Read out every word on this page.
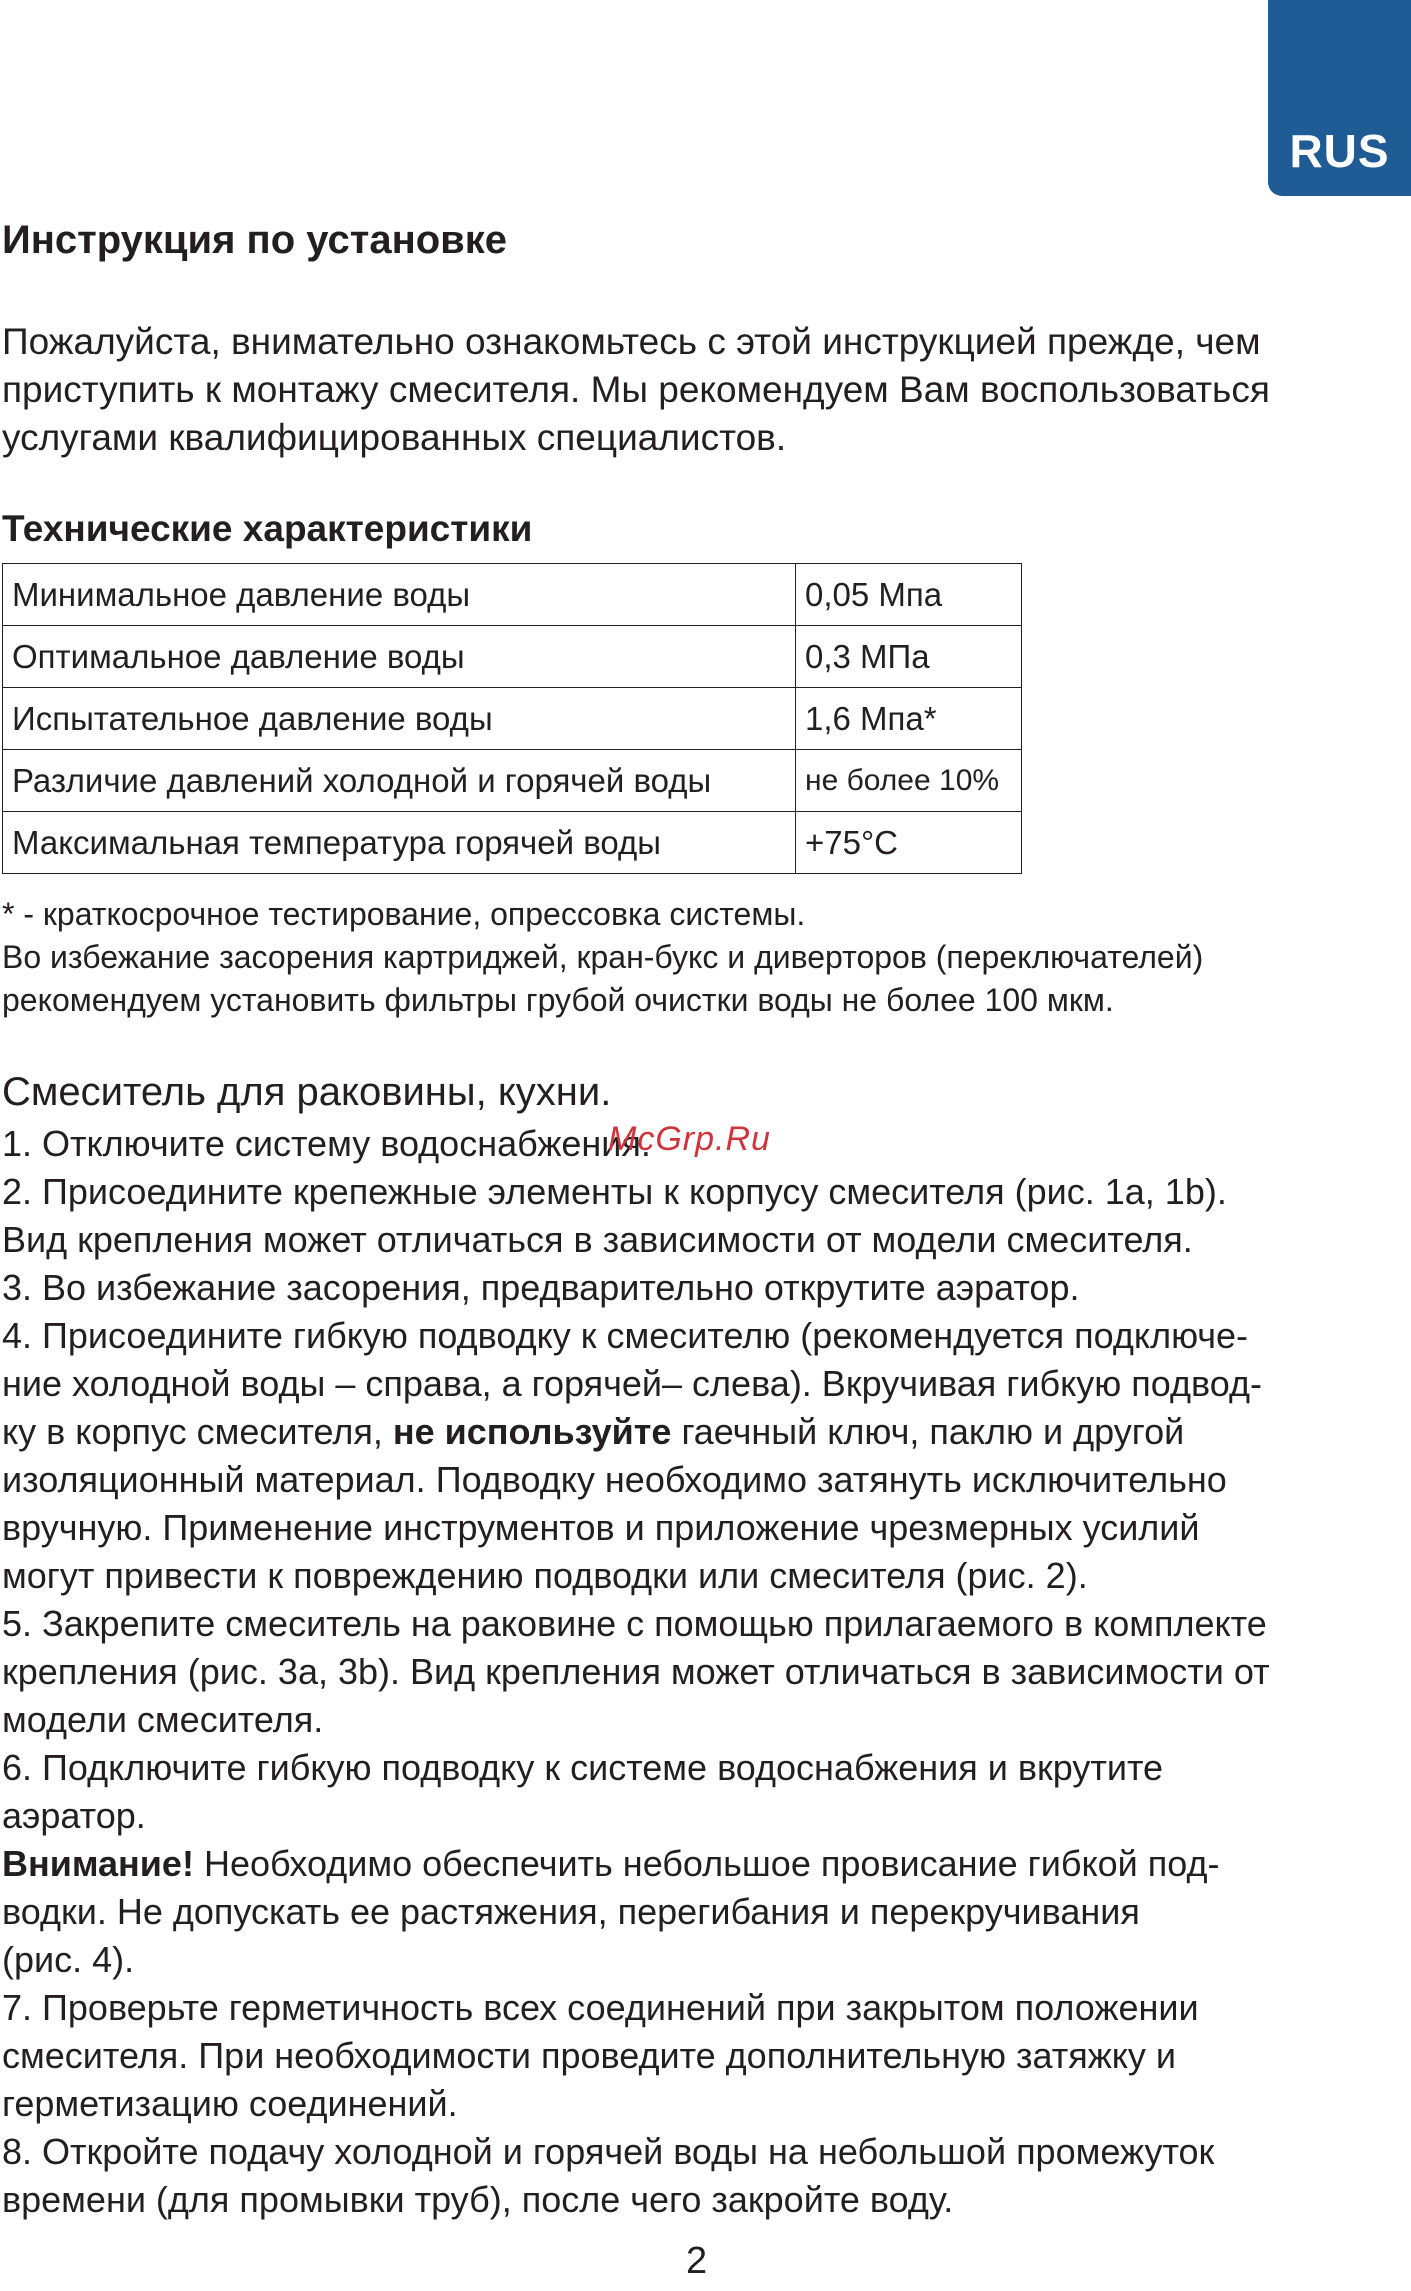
RUS
Инструкция по установке

Пожалуйста, внимательно ознакомьтесь с этой инструкцией прежде, чем
приступить к монтажу смесителя. Мы рекомендуем Вам воспользоваться
услугами квалифицированных специалистов.

Технические характеристики
Минимальное давление воды	0,05 Мпа
Оптимальное давление воды	0,3 МПа
Испытательное давление воды	1,6 Мпа*
Различие давлений холодной и горячей воды	не более 10%
Максимальная температура горячей воды	+75°С

* - краткосрочное тестирование, опрессовка системы.
Во избежание засорения картриджей, кран-букс и диверторов (переключателей)
рекомендуем установить фильтры грубой очистки воды не более 100 мкм.

Смеситель для раковины, кухни.

1. Отключите систему водоснабжения.

2. Присоедините крепежные элементы к корпусу смесителя (рис. 1a, 1b).
Вид крепления может отличаться в зависимости от модели смесителя.

3. Во избежание засорения, предварительно открутите аэратор.

4. Присоедините гибкую подводку к смесителю (рекомендуется подключе-
ние холодной воды – справа, а горячей– слева). Вкручивая гибкую подвод-
ку в корпус смесителя, не используйте гаечный ключ, паклю и другой
изоляционный материал. Подводку необходимо затянуть исключительно
вручную. Применение инструментов и приложение чрезмерных усилий
могут привести к повреждению подводки или смесителя (рис. 2).

5. Закрепите смеситель на раковине с помощью прилагаемого в комплекте
крепления (рис. 3a, 3b). Вид крепления может отличаться в зависимости от
модели смесителя.

6. Подключите гибкую подводку к системе водоснабжения и вкрутите
аэратор.

Внимание! Необходимо обеспечить небольшое провисание гибкой под-
водки. Не допускать ее растяжения, перегибания и перекручивания
(рис. 4).

7. Проверьте герметичность всех соединений при закрытом положении
смесителя. При необходимости проведите дополнительную затяжку и
герметизацию соединений.

8. Откройте подачу холодной и горячей воды на небольшой промежуток
времени (для промывки труб), после чего закройте воду.

McGrp.Ru
2
